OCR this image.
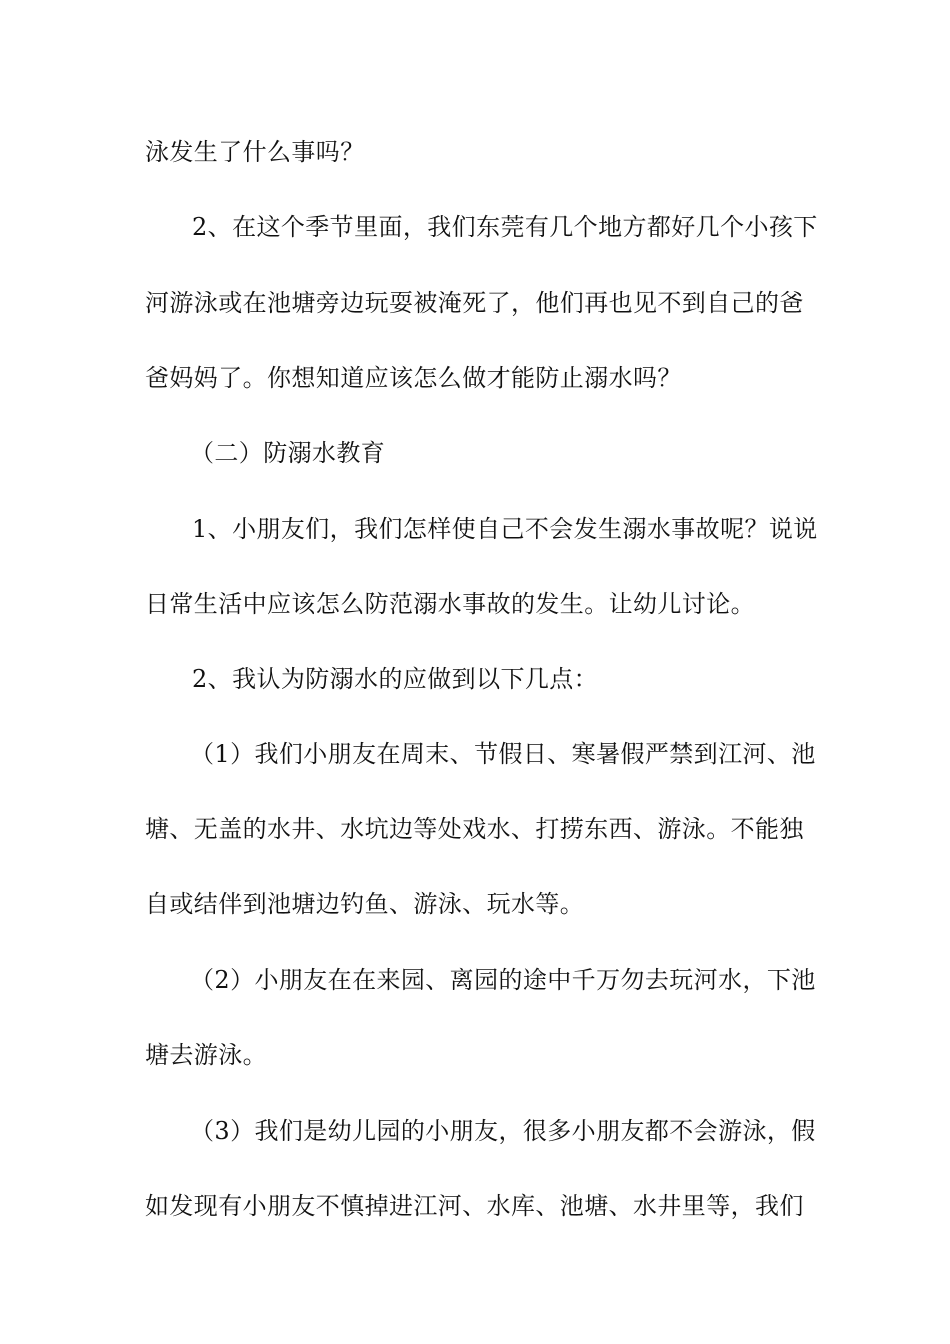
泳发生了什么事吗？
2、在这个季节里面，我们东莞有几个地方都好几个小孩下
河游泳或在池塘旁边玩耍被淹死了，他们再也见不到自己的爸
爸妈妈了。你想知道应该怎么做才能防止溺水吗？
（二）防溺水教育
1、小朋友们，我们怎样使自己不会发生溺水事故呢？说说
日常生活中应该怎么防范溺水事故的发生。让幼儿讨论。
2、我认为防溺水的应做到以下几点：
（1）我们小朋友在周末、节假日、寒暑假严禁到江河、池
塘、无盖的水井、水坑边等处戏水、打捞东西、游泳。不能独
自或结伴到池塘边钓鱼、游泳、玩水等。
（2）小朋友在在来园、离园的途中千万勿去玩河水，下池
塘去游泳。
（3）我们是幼儿园的小朋友，很多小朋友都不会游泳，假
如发现有小朋友不慎掉进江河、水库、池塘、水井里等，我们
